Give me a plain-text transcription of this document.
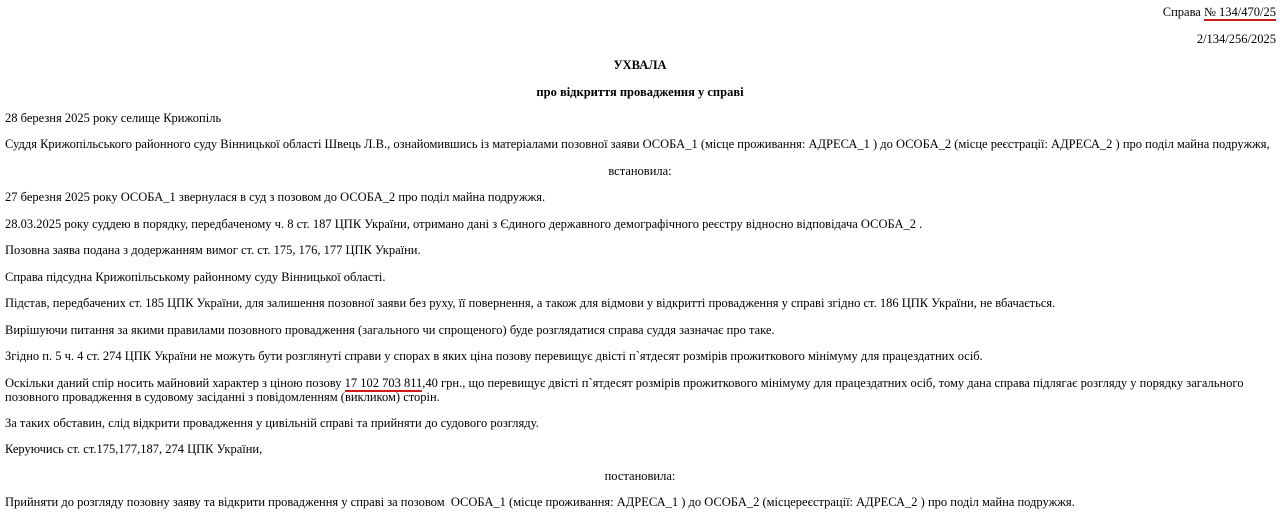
Справа № 134/470/25
2/134/256/2025
УХВАЛА
про відкриття провадження у справі
28 березня 2025 року селище Крижопіль
Суддя Крижопільського районного суду Вінницької області Швець Л.В., ознайомившись із матеріалами позовної заяви ОСОБА_1 (місце проживання: АДРЕСА_1 ) до ОСОБА_2 (місце реєстрації: АДРЕСА_2 ) про поділ майна подружжя,
встановила:
27 березня 2025 року ОСОБА_1 звернулася в суд з позовом до ОСОБА_2 про поділ майна подружжя.
28.03.2025 року суддею в порядку, передбаченому ч. 8 ст. 187 ЦПК України, отримано дані з Єдиного державного демографічного реєстру відносно відповідача ОСОБА_2 .
Позовна заява подана з додержанням вимог ст. ст. 175, 176, 177 ЦПК України.
Справа підсудна Крижопільському районному суду Вінницької області.
Підстав, передбачених ст. 185 ЦПК України, для залишення позовної заяви без руху, її повернення, а також для відмови у відкритті провадження у справі згідно ст. 186 ЦПК України, не вбачається.
Вирішуючи питання за якими правилами позовного провадження (загального чи спрощеного) буде розглядатися справа суддя зазначає про таке.
Згідно п. 5 ч. 4 ст. 274 ЦПК України не можуть бути розглянуті справи у спорах в яких ціна позову перевищує двісті п`ятдесят розмірів прожиткового мінімуму для працездатних осіб.
Оскільки даний спір носить майновий характер з ціною позову 17 102 703 811,40 грн., що перевищує двісті п`ятдесят розмірів прожиткового мінімуму для працездатних осіб, тому дана справа підлягає розгляду у порядку загального позовного провадження в судовому засіданні з повідомленням (викликом) сторін.
За таких обставин, слід відкрити провадження у цивільній справі та прийняти до судового розгляду.
Керуючись ст. ст.175,177,187, 274 ЦПК України,
постановила:
Прийняти до розгляду позовну заяву та відкрити провадження у справі за позовом  ОСОБА_1 (місце проживання: АДРЕСА_1 ) до ОСОБА_2 (місцереєстрації: АДРЕСА_2 ) про поділ майна подружжя.
